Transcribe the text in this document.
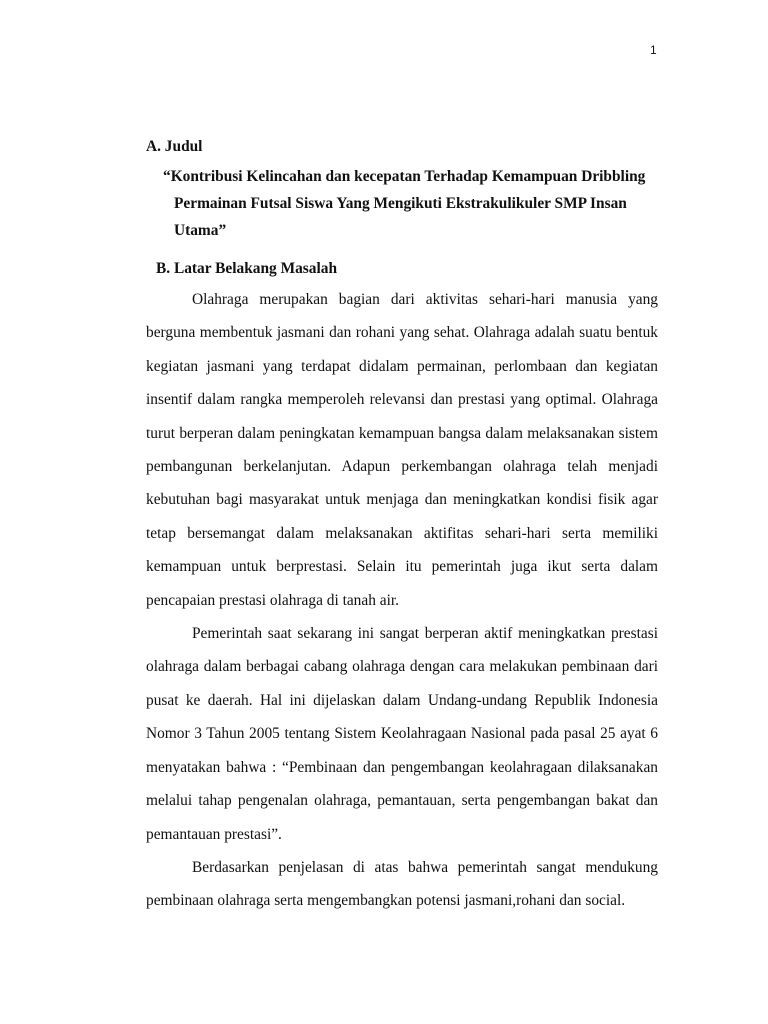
1

A. Judul

“Kontribusi Kelincahan dan kecepatan Terhadap Kemampuan Dribbling Permainan Futsal Siswa Yang Mengikuti Ekstrakulikuler SMP Insan Utama”

B. Latar Belakang Masalah

Olahraga merupakan bagian dari aktivitas sehari-hari manusia yang berguna membentuk jasmani dan rohani yang sehat. Olahraga adalah suatu bentuk kegiatan jasmani yang terdapat didalam permainan, perlombaan dan kegiatan insentif dalam rangka memperoleh relevansi dan prestasi yang optimal. Olahraga turut berperan dalam peningkatan kemampuan bangsa dalam melaksanakan sistem pembangunan berkelanjutan. Adapun perkembangan olahraga telah menjadi kebutuhan bagi masyarakat untuk menjaga dan meningkatkan kondisi fisik agar tetap bersemangat dalam melaksanakan aktifitas sehari-hari serta memiliki kemampuan untuk berprestasi. Selain itu pemerintah juga ikut serta dalam pencapaian prestasi olahraga di tanah air.

Pemerintah saat sekarang ini sangat berperan aktif meningkatkan prestasi olahraga dalam berbagai cabang olahraga dengan cara melakukan pembinaan dari pusat ke daerah. Hal ini dijelaskan dalam Undang-undang Republik Indonesia Nomor 3 Tahun 2005 tentang Sistem Keolahragaan Nasional pada pasal 25 ayat 6 menyatakan bahwa : “Pembinaan dan pengembangan keolahragaan dilaksanakan melalui tahap pengenalan olahraga, pemantauan, serta pengembangan bakat dan pemantauan prestasi”.

Berdasarkan penjelasan di atas bahwa pemerintah sangat mendukung pembinaan olahraga serta mengembangkan potensi jasmani,rohani dan social.
